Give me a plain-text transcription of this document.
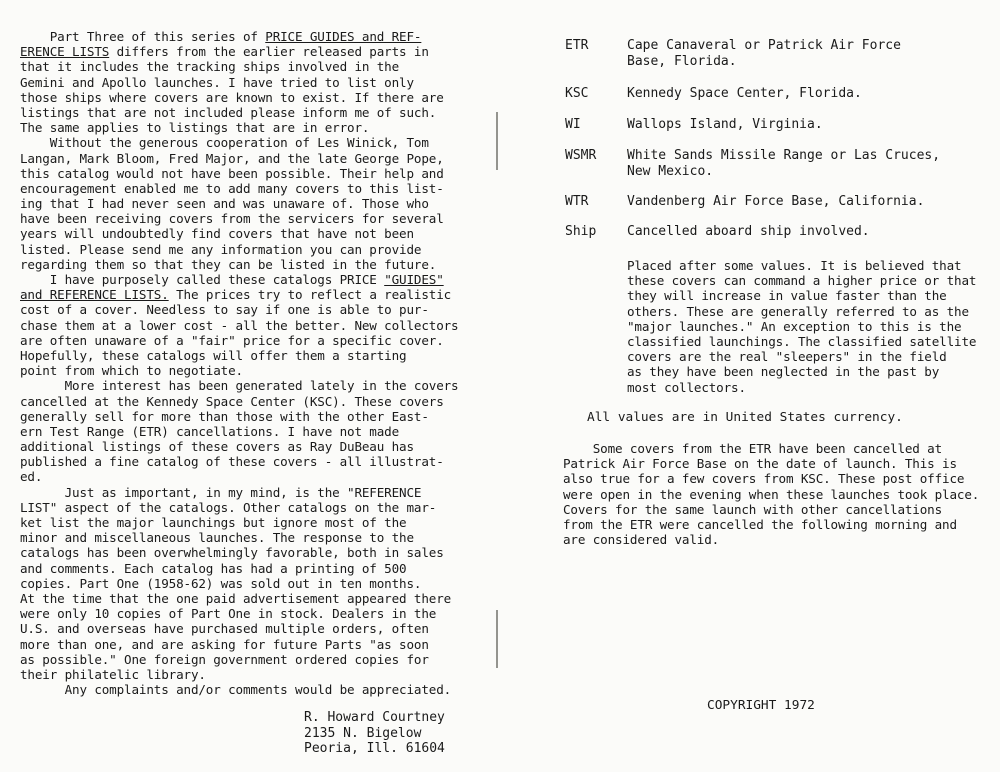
Part Three of this series of PRICE GUIDES and REF-
ERENCE LISTS differs from the earlier released parts in
that it includes the tracking ships involved in the
Gemini and Apollo launches. I have tried to list only
those ships where covers are known to exist. If there are
listings that are not included please inform me of such.
The same applies to listings that are in error.
Without the generous cooperation of Les Winick, Tom
Langan, Mark Bloom, Fred Major, and the late George Pope,
this catalog would not have been possible. Their help and
encouragement enabled me to add many covers to this list-
ing that I had never seen and was unaware of. Those who
have been receiving covers from the servicers for several
years will undoubtedly find covers that have not been
listed. Please send me any information you can provide
regarding them so that they can be listed in the future.
I have purposely called these catalogs PRICE "GUIDES"
and REFERENCE LISTS. The prices try to reflect a realistic
cost of a cover. Needless to say if one is able to pur-
chase them at a lower cost - all the better. New collectors
are often unaware of a "fair" price for a specific cover.
Hopefully, these catalogs will offer them a starting
point from which to negotiate.
More interest has been generated lately in the covers
cancelled at the Kennedy Space Center (KSC). These covers
generally sell for more than those with the other East-
ern Test Range (ETR) cancellations. I have not made
additional listings of these covers as Ray DuBeau has
published a fine catalog of these covers - all illustrat-
ed.
Just as important, in my mind, is the "REFERENCE
LIST" aspect of the catalogs. Other catalogs on the mar-
ket list the major launchings but ignore most of the
minor and miscellaneous launches. The response to the
catalogs has been overwhelmingly favorable, both in sales
and comments. Each catalog has had a printing of 500
copies. Part One (1958-62) was sold out in ten months.
At the time that the one paid advertisement appeared there
were only 10 copies of Part One in stock. Dealers in the
U.S. and overseas have purchased multiple orders, often
more than one, and are asking for future Parts "as soon
as possible." One foreign government ordered copies for
their philatelic library.
Any complaints and/or comments would be appreciated.
R. Howard Courtney
2135 N. Bigelow
Peoria, Ill. 61604
ETR	Cape Canaveral or Patrick Air Force
Base, Florida.
KSC	Kennedy Space Center, Florida.
WI	Wallops Island, Virginia.
WSMR White Sands Missile Range or Las Cruces,
New Mexico.
WTR	Vandenberg Air Force Base, California.
Ship Cancelled aboard ship involved.
Placed after some values. It is believed that
these covers can command a higher price or that
they will increase in value faster than the
others. These are generally referred to as the
"major launches." An exception to this is the
classified launchings. The classified satellite
covers are the real "sleepers" in the field
as they have been neglected in the past by
most collectors.
All values are in United States currency.
Some covers from the ETR have been cancelled at
Patrick Air Force Base on the date of launch. This is
also true for a few covers from KSC. These post office
were open in the evening when these launches took place.
Covers for the same launch with other cancellations
from the ETR were cancelled the following morning and
are considered valid.
COPYRIGHT 1972
